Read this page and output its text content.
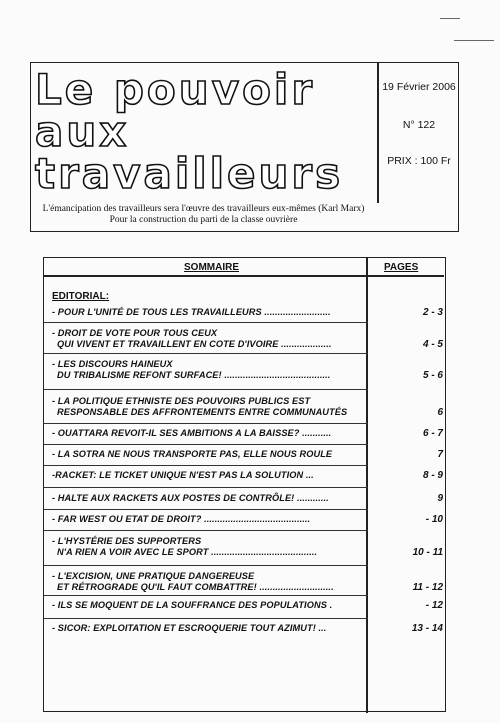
Le pouvoir
aux
travailleurs
19 Février 2006
N° 122
PRIX : 100 Fr
L'émancipation des travailleurs sera l'œuvre des travailleurs eux-mêmes (Karl Marx)
Pour la construction du parti de la classe ouvrière
SOMMAIRE	PAGES
EDITORIAL:
- POUR L'UNITÉ DE TOUS LES TRAVAILLEURS .........................	2 - 3
- DROIT DE VOTE POUR TOUS CEUX
QUI VIVENT ET TRAVAILLENT EN COTE D'IVOIRE ...................	4 - 5
- LES DISCOURS HAINEUX
DU TRIBALISME REFONT SURFACE! ........................................	5 - 6
- LA POLITIQUE ETHNISTE DES POUVOIRS PUBLICS EST
RESPONSABLE DES AFFRONTEMENTS ENTRE COMMUNAUTÉS	6
- OUATTARA REVOIT-IL SES AMBITIONS A LA BAISSE? ...........	6 - 7
- LA SOTRA NE NOUS TRANSPORTE PAS, ELLE NOUS ROULE	7
-RACKET: LE TICKET UNIQUE N'EST PAS LA SOLUTION ...	8 - 9
- HALTE AUX RACKETS AUX POSTES DE CONTRÔLE! ............	9
- FAR WEST OU ETAT DE DROIT? ........................................	- 10
- L'HYSTÉRIE DES SUPPORTERS
N'A RIEN A VOIR AVEC LE SPORT ........................................	10 - 11
- L'EXCISION, UNE PRATIQUE DANGEREUSE
ET RÉTROGRADE QU'IL FAUT COMBATTRE! ............................	11 - 12
- ILS SE MOQUENT DE LA SOUFFRANCE DES POPULATIONS .	- 12
- SICOR: EXPLOITATION ET ESCROQUERIE TOUT AZIMUT! ...	13 - 14
